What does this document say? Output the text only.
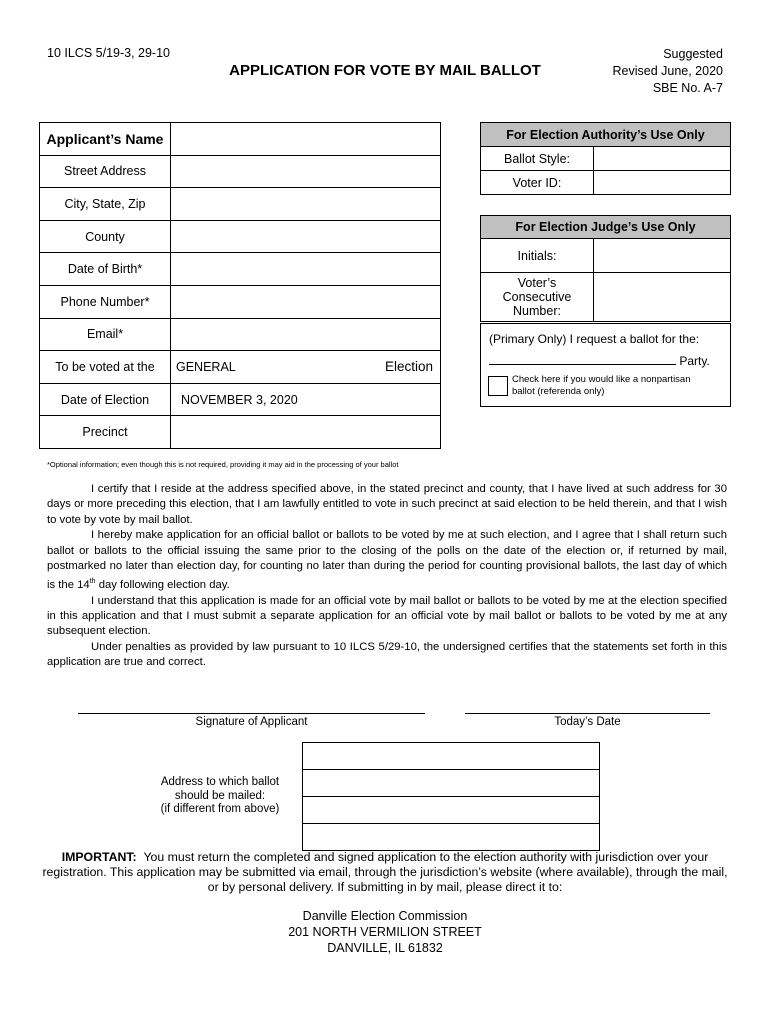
10 ILCS 5/19-3, 29-10
APPLICATION FOR VOTE BY MAIL BALLOT
Suggested
Revised June, 2020
SBE No. A-7
Applicant’s Name	
Street Address	
City, State, Zip	
County	
Date of Birth*	
Phone Number*	
Email*	
To be voted at the	GENERAL Election

Date of Election	NOVEMBER 3, 2020
Precinct	
For Election Authority’s Use Only	
Ballot Style:	
Voter ID:	
For Election Judge’s Use Only	
Initials:	

Voter’s
Consecutive
Number:	

(Primary Only) I request a ballot for the:
Party.
Check here if you would like a nonpartisan
ballot (referenda only)
*Optional information; even though this is not required, providing it may aid in the processing of your ballot

I certify that I reside at the address specified above, in the stated precinct and county, that I have lived at such address for 30 days or more preceding this election, that I am lawfully entitled to vote in such precinct at said election to be held therein, and that I wish to vote by vote by mail ballot.

I hereby make application for an official ballot or ballots to be voted by me at such election, and I agree that I shall return such ballot or ballots to the official issuing the same prior to the closing of the polls on the date of the election or, if returned by mail, postmarked no later than election day, for counting no later than during the period for counting provisional ballots, the last day of which is the 14th day following election day.

I understand that this application is made for an official vote by mail ballot or ballots to be voted by me at the election specified in this application and that I must submit a separate application for an official vote by mail ballot or ballots to be voted by me at any subsequent election.

Under penalties as provided by law pursuant to 10 ILCS 5/29-10, the undersigned certifies that the statements set forth in this application are true and correct.

Signature of Applicant	Today’s Date
Address to which ballot
should be mailed:
(if different from above)

IMPORTANT: You must return the completed and signed application to the election authority with jurisdiction over your registration. This application may be submitted via email, through the jurisdiction’s website (where available), through the mail, or by personal delivery. If submitting in by mail, please direct it to:
Danville Election Commission
201 NORTH VERMILION STREET
DANVILLE, IL 61832
